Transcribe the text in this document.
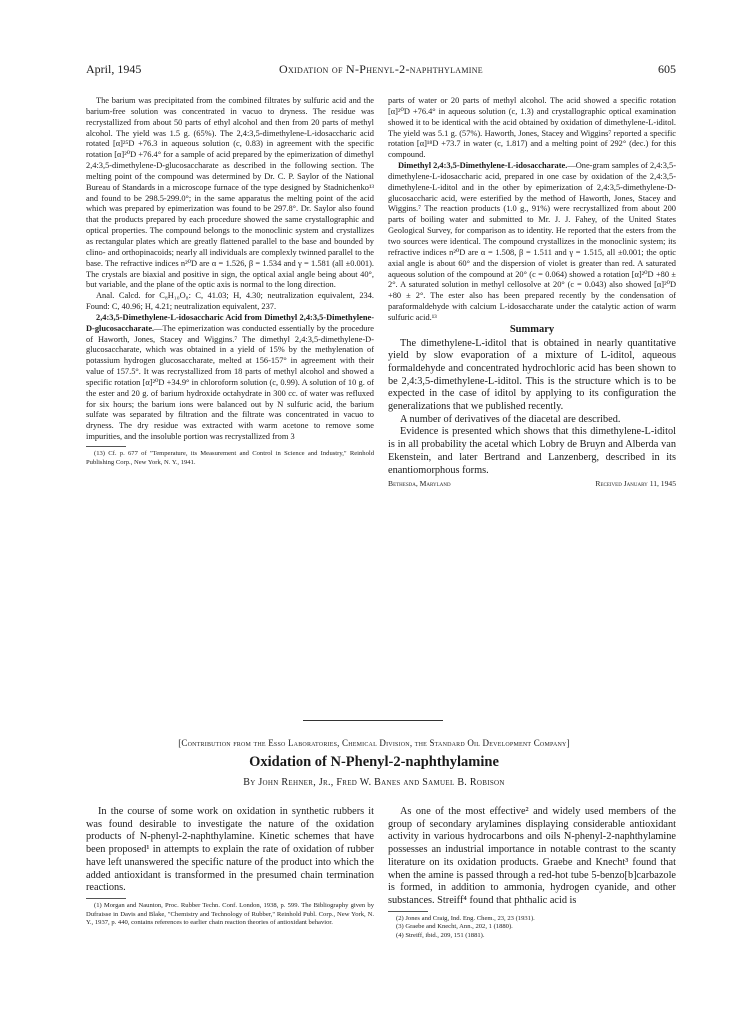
April, 1945	Oxidation of N-Phenyl-2-naphthylamine	605

The barium was precipitated from the combined filtrates by sulfuric acid and the barium-free solution was concentrated in vacuo to dryness. The residue was recrystallized from about 50 parts of ethyl alcohol and then from 20 parts of methyl alcohol. The yield was 1.5 g. (65%). The 2,4:3,5-dimethylene-L-idosaccharic acid rotated [α]²⁵D +76.3 in aqueous solution (c, 0.83) in agreement with the specific rotation [α]²⁰D +76.4° for a sample of acid prepared by the epimerization of dimethyl 2,4:3,5-dimethylene-D-glucosaccharate as described in the following section. The melting point of the compound was determined by Dr. C. P. Saylor of the National Bureau of Standards in a microscope furnace of the type designed by Stadnichenko¹³ and found to be 298.5-299.0°; in the same apparatus the melting point of the acid which was prepared by epimerization was found to be 297.8°. Dr. Saylor also found that the products prepared by each procedure showed the same crystallographic and optical properties. The compound belongs to the monoclinic system and crystallizes as rectangular plates which are greatly flattened parallel to the base and bounded by clino- and orthopinacoids; nearly all individuals are complexly twinned parallel to the base. The refractive indices n²⁰D are α = 1.526, β = 1.534 and γ = 1.581 (all ±0.001). The crystals are biaxial and positive in sign, the optical axial angle being about 40°, but variable, and the plane of the optic axis is normal to the long direction.

Anal. Calcd. for C₈H₁₀O₈: C, 41.03; H, 4.30; neutralization equivalent, 234. Found: C, 40.96; H, 4.21; neutralization equivalent, 237.

2,4:3,5-Dimethylene-L-idosaccharic Acid from Dimethyl 2,4:3,5-Dimethylene-D-glucosaccharate.—The epimerization was conducted essentially by the procedure of Haworth, Jones, Stacey and Wiggins.⁷ The dimethyl 2,4:3,5-dimethylene-D-glucosaccharate, which was obtained in a yield of 15% by the methylenation of potassium hydrogen glucosaccharate, melted at 156-157° in agreement with their value of 157.5°. It was recrystallized from 18 parts of methyl alcohol and showed a specific rotation [α]²⁰D +34.9° in chloroform solution (c, 0.99). A solution of 10 g. of the ester and 20 g. of barium hydroxide octahydrate in 300 cc. of water was refluxed for six hours; the barium ions were balanced out by N sulfuric acid, the barium sulfate was separated by filtration and the filtrate was concentrated in vacuo to dryness. The dry residue was extracted with warm acetone to remove some impurities, and the insoluble portion was recrystallized from 3

(13) Cf. p. 677 of "Temperature, its Measurement and Control in Science and Industry," Reinhold Publishing Corp., New York, N. Y., 1941.

parts of water or 20 parts of methyl alcohol. The acid showed a specific rotation [α]²⁰D +76.4° in aqueous solution (c, 1.3) and crystallographic optical examination showed it to be identical with the acid obtained by oxidation of dimethylene-L-iditol. The yield was 5.1 g. (57%). Haworth, Jones, Stacey and Wiggins⁷ reported a specific rotation [α]¹⁸D +73.7 in water (c, 1.817) and a melting point of 292° (dec.) for this compound.

Dimethyl 2,4:3,5-Dimethylene-L-idosaccharate.—One-gram samples of 2,4:3,5-dimethylene-L-idosaccharic acid, prepared in one case by oxidation of the 2,4:3,5-dimethylene-L-iditol and in the other by epimerization of 2,4:3,5-dimethylene-D-glucosaccharic acid, were esterified by the method of Haworth, Jones, Stacey and Wiggins.⁷ The reaction products (1.0 g., 91%) were recrystallized from about 200 parts of boiling water and submitted to Mr. J. J. Fahey, of the United States Geological Survey, for comparison as to identity. He reported that the esters from the two sources were identical. The compound crystallizes in the monoclinic system; its refractive indices n²⁰D are α = 1.508, β = 1.511 and γ = 1.515, all ±0.001; the optic axial angle is about 60° and the dispersion of violet is greater than red. A saturated aqueous solution of the compound at 20° (c = 0.064) showed a rotation [α]²⁰D +80 ± 2°. A saturated solution in methyl cellosolve at 20° (c = 0.043) also showed [α]²⁰D +80 ± 2°. The ester also has been prepared recently by the condensation of paraformaldehyde with calcium L-idosaccharate under the catalytic action of warm sulfuric acid.¹³

Summary

The dimethylene-L-iditol that is obtained in nearly quantitative yield by slow evaporation of a mixture of L-iditol, aqueous formaldehyde and concentrated hydrochloric acid has been shown to be 2,4:3,5-dimethylene-L-iditol. This is the structure which is to be expected in the case of iditol by applying to its configuration the generalizations that we published recently.

A number of derivatives of the diacetal are described.

Evidence is presented which shows that this dimethylene-L-iditol is in all probability the acetal which Lobry de Bruyn and Alberda van Ekenstein, and later Bertrand and Lanzenberg, described in its enantiomorphous forms.

Bethesda, Maryland	Received January 11, 1945
[Contribution from the Esso Laboratories, Chemical Division, the Standard Oil Development Company]
Oxidation of N-Phenyl-2-naphthylamine
By John Rehner, Jr., Fred W. Banes and Samuel B. Robison

In the course of some work on oxidation in synthetic rubbers it was found desirable to investigate the nature of the oxidation products of N-phenyl-2-naphthylamine. Kinetic schemes that have been proposed¹ in attempts to explain the rate of oxidation of rubber have left unanswered the specific nature of the product into which the added antioxidant is transformed in the presumed chain termination reactions.

(1) Morgan and Naunton, Proc. Rubber Techn. Conf. London, 1938, p. 599. The Bibliography given by Dufraisse in Davis and Blake, "Chemistry and Technology of Rubber," Reinhold Publ. Corp., New York, N. Y., 1937, p. 440, contains references to earlier chain reaction theories of antioxidant behavior.

As one of the most effective² and widely used members of the group of secondary arylamines displaying considerable antioxidant activity in various hydrocarbons and oils N-phenyl-2-naphthylamine possesses an industrial importance in notable contrast to the scanty literature on its oxidation products. Graebe and Knecht³ found that when the amine is passed through a red-hot tube 5-benzo[b]carbazole is formed, in addition to ammonia, hydrogen cyanide, and other substances. Streiff⁴ found that phthalic acid is

(2) Jones and Craig, Ind. Eng. Chem., 23, 23 (1931).

(3) Graebe and Knecht, Ann., 202, 1 (1880).

(4) Streiff, ibid., 209, 151 (1881).
